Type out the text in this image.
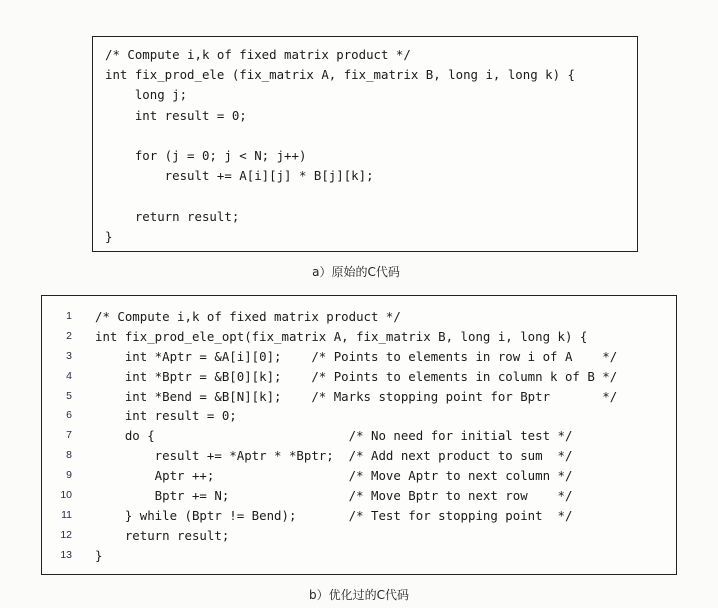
/* Compute i,k of fixed matrix product */
int fix_prod_ele (fix_matrix A, fix_matrix B, long i, long k) {
long j;
int result = 0;
for (j = 0; j < N; j++)
result += A[i][j] * B[j][k];
return result;
}
a）原始的C代码
1 /* Compute i,k of fixed matrix product */
2 int fix_prod_ele_opt(fix_matrix A, fix_matrix B, long i, long k) {
3 int *Aptr = &A[i][0];    /* Points to elements in row i of A    */
4 int *Bptr = &B[0][k];    /* Points to elements in column k of B */
5 int *Bend = &B[N][k];    /* Marks stopping point for Bptr       */
6 int result = 0;
7 do {                          /* No need for initial test */
8 result += *Aptr * *Bptr;  /* Add next product to sum  */
9 Aptr ++;                  /* Move Aptr to next column */
10 Bptr += N;                /* Move Bptr to next row    */
11 } while (Bptr != Bend);       /* Test for stopping point  */
12 return result;
13 }
b）优化过的C代码
